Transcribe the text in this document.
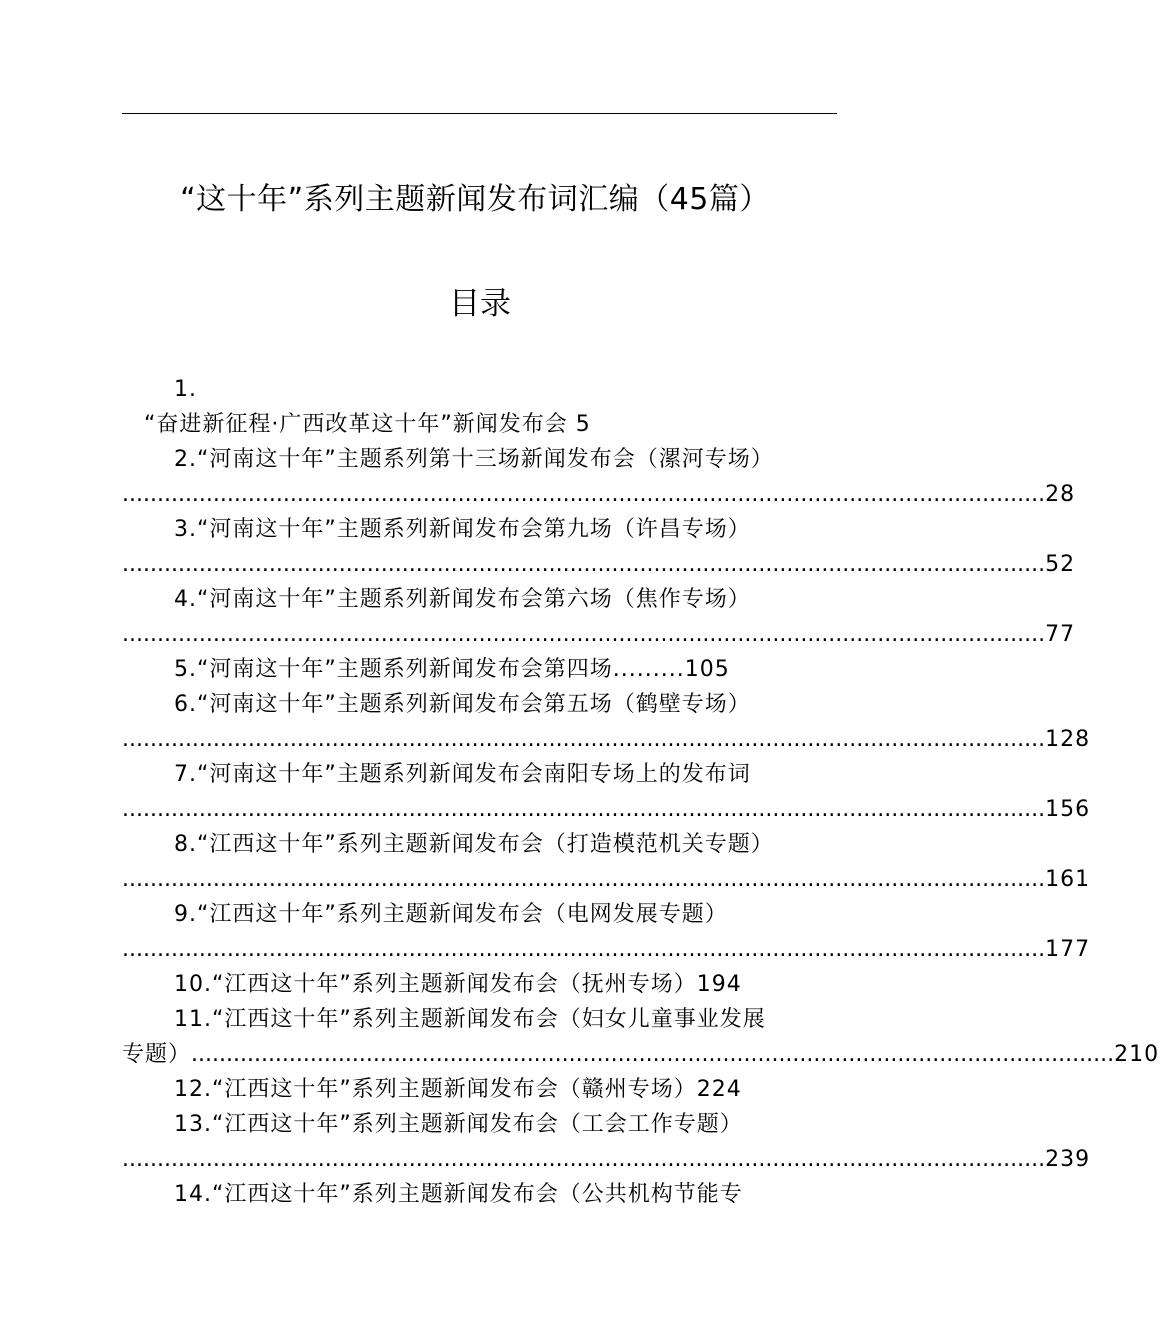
“这十年”系列主题新闻发布词汇编（45篇）
目录
1.
“奋进新征程·广西改革这十年”新闻发布会 5
2.“河南这十年”主题系列第十三场新闻发布会（漯河专场）
.................................................................................................................................... 28
3.“河南这十年”主题系列新闻发布会第九场（许昌专场）
.................................................................................................................................... 52
4.“河南这十年”主题系列新闻发布会第六场（焦作专场）
.................................................................................................................................... 77
5.“河南这十年”主题系列新闻发布会第四场.........105
6.“河南这十年”主题系列新闻发布会第五场（鹤壁专场）
.................................................................................................................................... 128
7.“河南这十年”主题系列新闻发布会南阳专场上的发布词
.................................................................................................................................... 156
8.“江西这十年”系列主题新闻发布会（打造模范机关专题）
.................................................................................................................................... 161
9.“江西这十年”系列主题新闻发布会（电网发展专题）
.................................................................................................................................... 177
10.“江西这十年”系列主题新闻发布会（抚州专场）194
11.“江西这十年”系列主题新闻发布会（妇女儿童事业发展
专题） .................................................................................................................................... 210
12.“江西这十年”系列主题新闻发布会（赣州专场）224
13.“江西这十年”系列主题新闻发布会（工会工作专题）
.................................................................................................................................... 239
14.“江西这十年”系列主题新闻发布会（公共机构节能专
